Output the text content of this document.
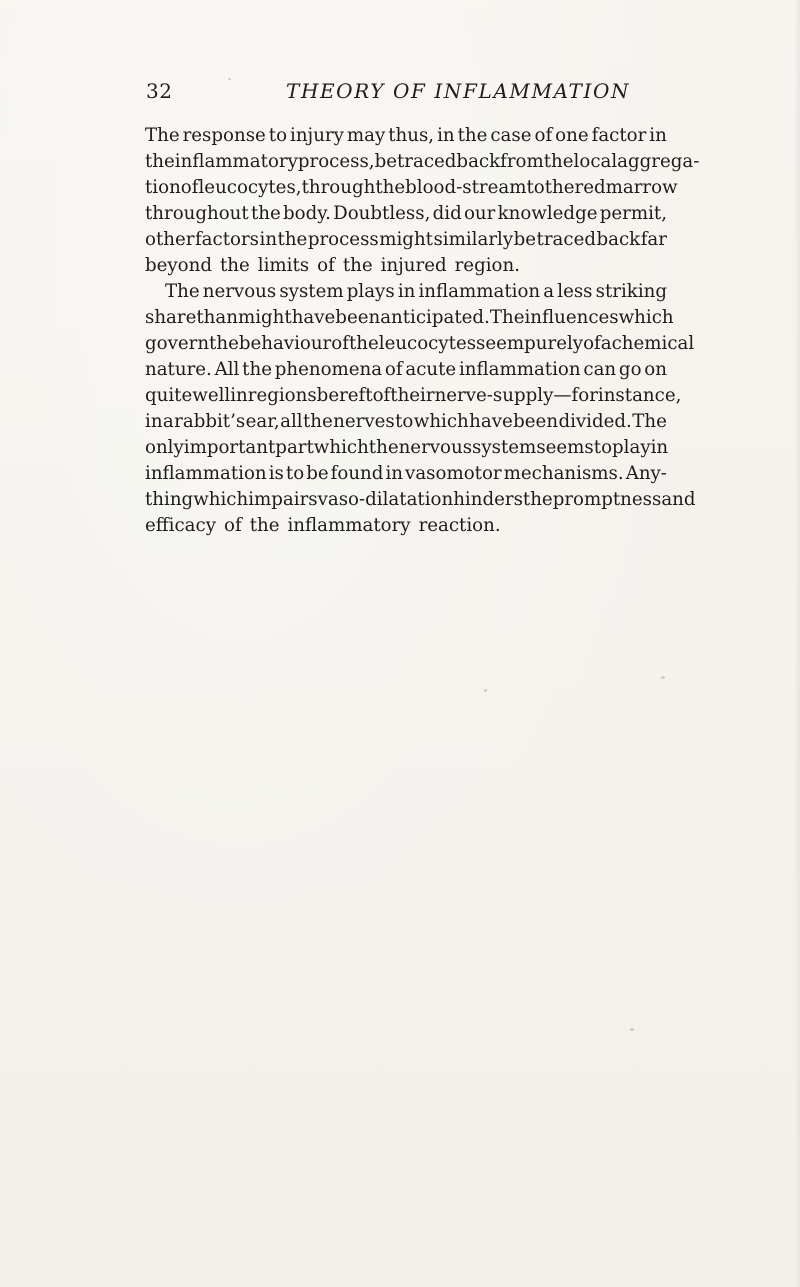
32	THEORY OF INFLAMMATION
The response to injury may thus, in the case of one factor in
the inflammatory process, be traced back from the local aggrega-
tion of leucocytes, through the blood-stream to the red marrow
throughout the body. Doubtless, did our knowledge permit,
other factors in the process might similarly be traced back far
beyond the limits of the injured region.
The nervous system plays in inflammation a less striking
share than might have been anticipated. The influences which
govern the behaviour of the leucocytes seem purely of a chemical
nature. All the phenomena of acute inflammation can go on
quite well in regions bereft of their nerve-supply—for instance,
in a rabbit’s ear, all the nerves to which have been divided. The
only important part which the nervous system seems to play in
inflammation is to be found in vasomotor mechanisms. Any-
thing which impairs vaso-dilatation hinders the promptness and
efficacy of the inflammatory reaction.
